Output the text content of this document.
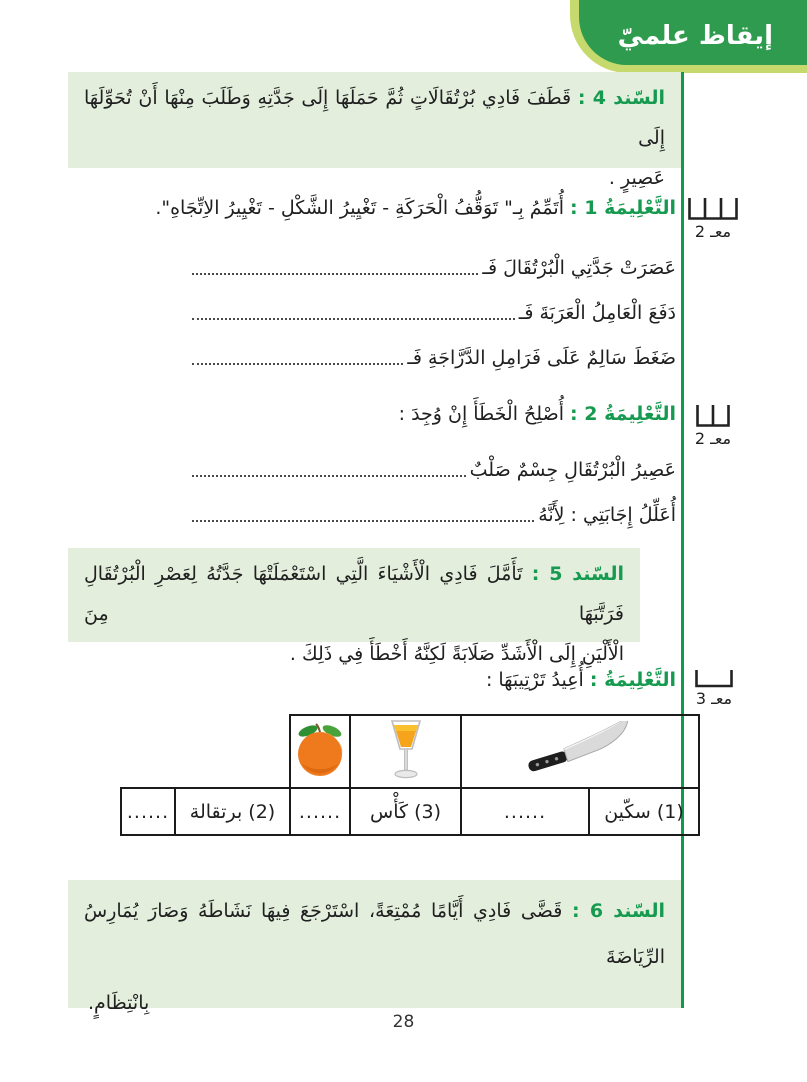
إيقاظ علميّ
السّند 4 : قَطَفَ فَادِي بُرْتُقَالَاتٍ ثُمَّ حَمَلَهَا إِلَى جَدَّتِهِ وَطَلَبَ مِنْهَا أَنْ تُحَوِّلَهَا إِلَى
عَصِيرٍ .
التَّعْلِيمَةُ 1 : أُتَمِّمُ بِـ" تَوَقُّفُ الْحَرَكَةِ - تَغْيِيرُ الشَّكْلِ - تَغْيِيرُ الاِتِّجَاهِ".
عَصَرَتْ جَدَّتِي الْبُرْتُقَالَ فَـ
دَفَعَ الْعَامِلُ الْعَرَبَةَ فَـ
ضَغَطَ سَالِمٌ عَلَى فَرَامِلِ الدَّرَّاجَةِ فَـ
معـ 2
التَّعْلِيمَةُ 2 : أُصْلِحُ الْخَطَأَ إِنْ وُجِدَ :
عَصِيرُ الْبُرْتُقَالِ جِسْمٌ صَلْبٌ
أُعَلِّلُ إِجَابَتِي : لِأَنَّهُ
معـ 2
السّند 5 : تَأَمَّلَ فَادِي الْأَشْيَاءَ الَّتِي اسْتَعْمَلَتْهَا جَدَّتُهُ لِعَصْرِ الْبُرْتُقَالِ فَرَتَّبَهَا مِنَ
الْأَلْيَنِ إِلَى الْأَشَدِّ صَلَابَةً لَكِنَّهُ أَخْطَأَ فِي ذَلِكَ .
التَّعْلِيمَةُ : أُعِيدُ تَرْتِيبَهَا :
معـ 3

(1) سكّين	......	(3) كَأْس	......	(2) برتقالة	......
السّند 6 : قَضَّى فَادِي أَيَّامًا مُمْتِعَةً، اسْتَرْجَعَ فِيهَا نَشَاطَهُ وَصَارَ يُمَارِسُ الرِّيَاضَةَ
بِانْتِظَامٍ.
28
